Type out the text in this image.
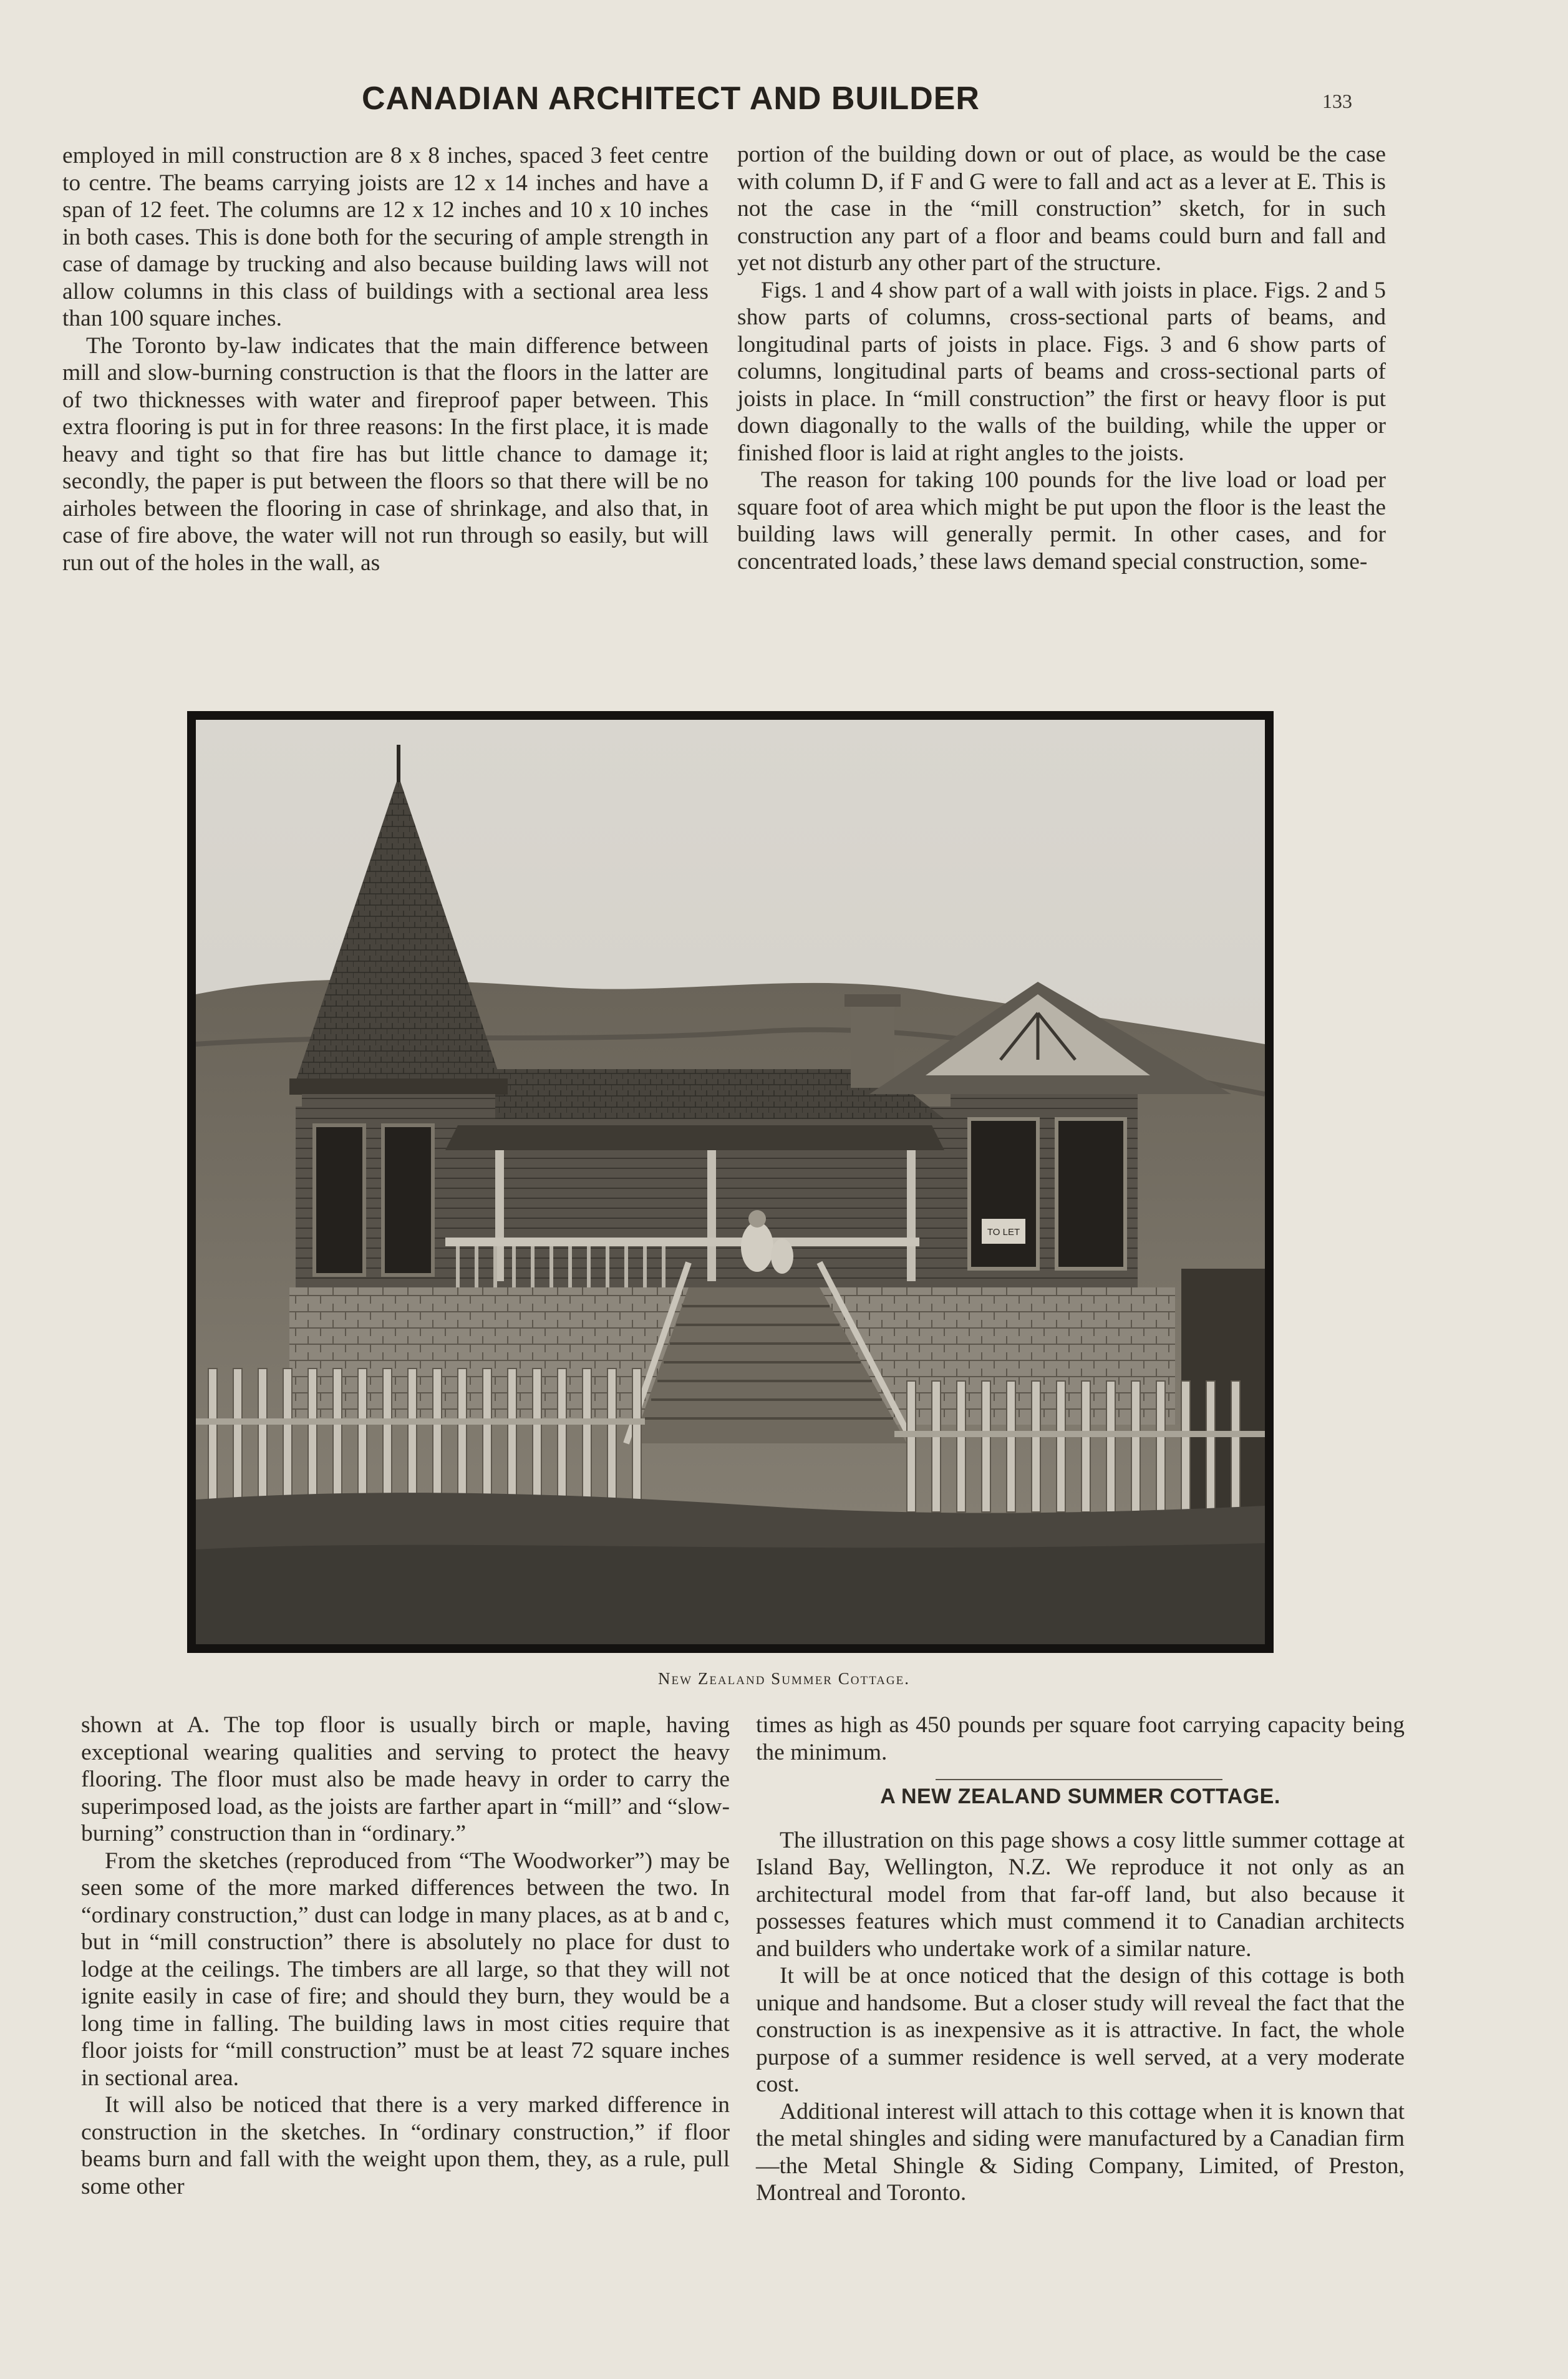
CANADIAN ARCHITECT AND BUILDER	133

employed in mill construction are 8 x 8 inches, spaced 3 feet centre to centre. The beams carrying joists are 12 x 14 inches and have a span of 12 feet. The columns are 12 x 12 inches and 10 x 10 inches in both cases. This is done both for the securing of ample strength in case of damage by trucking and also because building laws will not allow columns in this class of buildings with a sectional area less than 100 square inches.

The Toronto by-law indicates that the main difference between mill and slow-burning construction is that the floors in the latter are of two thicknesses with water and fireproof paper between. This extra flooring is put in for three reasons: In the first place, it is made heavy and tight so that fire has but little chance to damage it; secondly, the paper is put between the floors so that there will be no airholes between the flooring in case of shrinkage, and also that, in case of fire above, the water will not run through so easily, but will run out of the holes in the wall, as

portion of the building down or out of place, as would be the case with column D, if F and G were to fall and act as a lever at E. This is not the case in the “mill construction” sketch, for in such construction any part of a floor and beams could burn and fall and yet not disturb any other part of the structure.

Figs. 1 and 4 show part of a wall with joists in place. Figs. 2 and 5 show parts of columns, cross-sectional parts of beams, and longitudinal parts of joists in place. Figs. 3 and 6 show parts of columns, longitudinal parts of beams and cross-sectional parts of joists in place. In “mill construction” the first or heavy floor is put down diagonally to the walls of the building, while the upper or finished floor is laid at right angles to the joists.

The reason for taking 100 pounds for the live load or load per square foot of area which might be put upon the floor is the least the building laws will generally permit. In other cases, and for concentrated loads,’ these laws demand special construction, some-

TO LET
New Zealand Summer Cottage.

shown at A. The top floor is usually birch or maple, having exceptional wearing qualities and serving to protect the heavy flooring. The floor must also be made heavy in order to carry the superimposed load, as the joists are farther apart in “mill” and “slow-burning” construction than in “ordinary.”

From the sketches (reproduced from “The Woodworker”) may be seen some of the more marked differences between the two. In “ordinary construction,” dust can lodge in many places, as at b and c, but in “mill construction” there is absolutely no place for dust to lodge at the ceilings. The timbers are all large, so that they will not ignite easily in case of fire; and should they burn, they would be a long time in falling. The building laws in most cities require that floor joists for “mill construction” must be at least 72 square inches in sectional area.

It will also be noticed that there is a very marked difference in construction in the sketches. In “ordinary construction,” if floor beams burn and fall with the weight upon them, they, as a rule, pull some other

times as high as 450 pounds per square foot carrying capacity being the minimum.

A NEW ZEALAND SUMMER COTTAGE.

The illustration on this page shows a cosy little summer cottage at Island Bay, Wellington, N.Z. We reproduce it not only as an architectural model from that far-off land, but also because it possesses features which must commend it to Canadian architects and builders who undertake work of a similar nature.

It will be at once noticed that the design of this cottage is both unique and handsome. But a closer study will reveal the fact that the construction is as inexpensive as it is attractive. In fact, the whole purpose of a summer residence is well served, at a very moderate cost.

Additional interest will attach to this cottage when it is known that the metal shingles and siding were manufactured by a Canadian firm—the Metal Shingle & Siding Company, Limited, of Preston, Montreal and Toronto.
